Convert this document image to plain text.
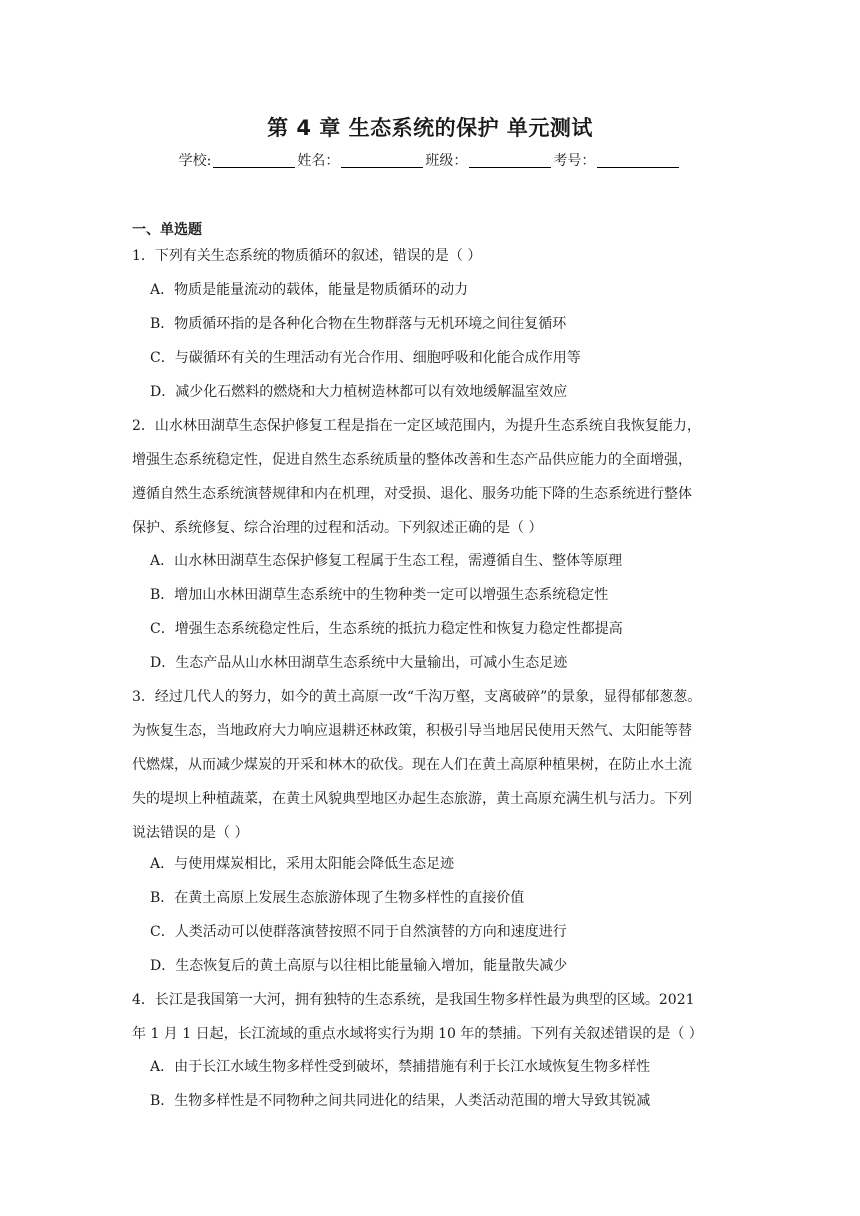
第 4 章 生态系统的保护 单元测试
学校:	姓名：	班级：	考号：
一、单选题
1．下列有关生态系统的物质循环的叙述，错误的是（ ）
A．物质是能量流动的载体，能量是物质循环的动力
B．物质循环指的是各种化合物在生物群落与无机环境之间往复循环
C．与碳循环有关的生理活动有光合作用、细胞呼吸和化能合成作用等
D．减少化石燃料的燃烧和大力植树造林都可以有效地缓解温室效应
2．山水林田湖草生态保护修复工程是指在一定区域范围内，为提升生态系统自我恢复能力，
增强生态系统稳定性，促进自然生态系统质量的整体改善和生态产品供应能力的全面增强，
遵循自然生态系统演替规律和内在机理，对受损、退化、服务功能下降的生态系统进行整体
保护、系统修复、综合治理的过程和活动。下列叙述正确的是（ ）
A．山水林田湖草生态保护修复工程属于生态工程，需遵循自生、整体等原理
B．增加山水林田湖草生态系统中的生物种类一定可以增强生态系统稳定性
C．增强生态系统稳定性后，生态系统的抵抗力稳定性和恢复力稳定性都提高
D．生态产品从山水林田湖草生态系统中大量输出，可减小生态足迹
3．经过几代人的努力，如今的黄土高原一改“千沟万壑，支离破碎”的景象，显得郁郁葱葱。
为恢复生态，当地政府大力响应退耕还林政策，积极引导当地居民使用天然气、太阳能等替
代燃煤，从而减少煤炭的开采和林木的砍伐。现在人们在黄土高原种植果树，在防止水土流
失的堤坝上种植蔬菜，在黄土风貌典型地区办起生态旅游，黄土高原充满生机与活力。下列
说法错误的是（ ）
A．与使用煤炭相比，采用太阳能会降低生态足迹
B．在黄土高原上发展生态旅游体现了生物多样性的直接价值
C．人类活动可以使群落演替按照不同于自然演替的方向和速度进行
D．生态恢复后的黄土高原与以往相比能量输入增加，能量散失减少
4．长江是我国第一大河，拥有独特的生态系统，是我国生物多样性最为典型的区域。2021
年 1 月 1 日起，长江流域的重点水域将实行为期 10 年的禁捕。下列有关叙述错误的是（ ）
A．由于长江水域生物多样性受到破坏，禁捕措施有利于长江水域恢复生物多样性
B．生物多样性是不同物种之间共同进化的结果，人类活动范围的增大导致其锐减
